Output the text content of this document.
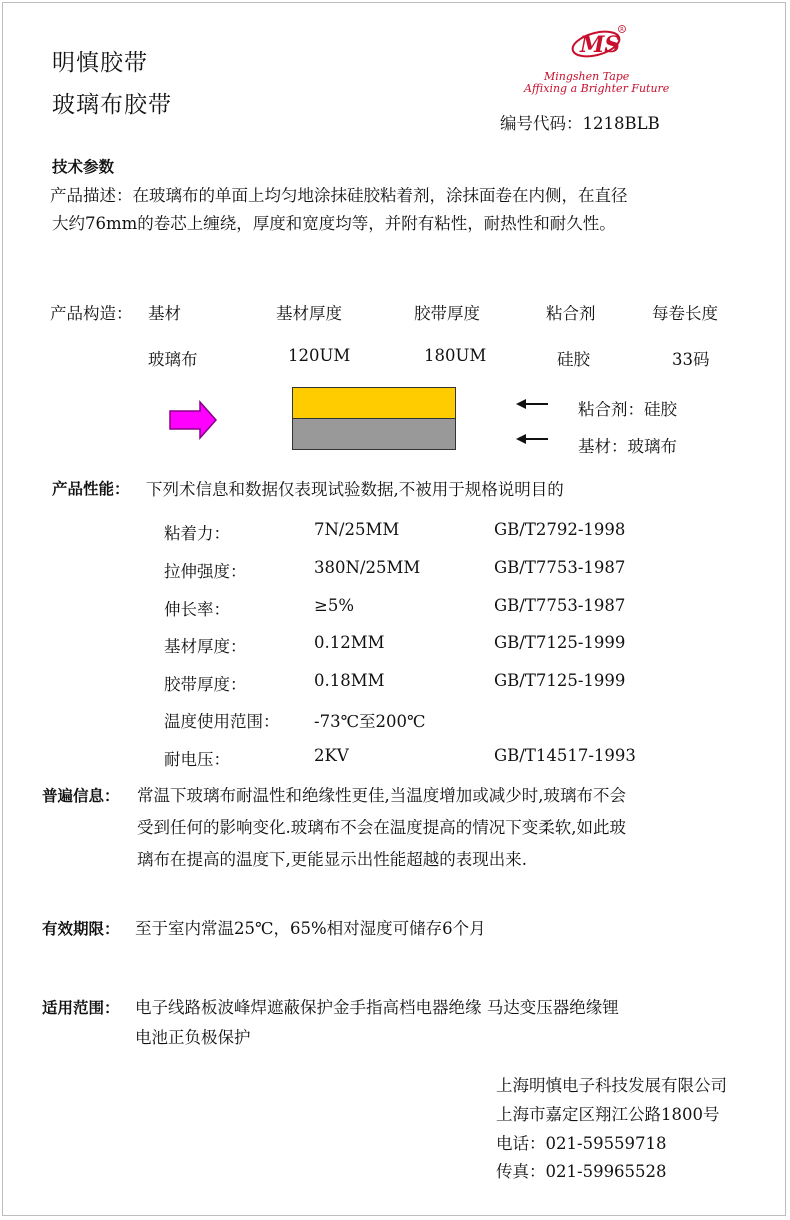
明慎胶带
玻璃布胶带
MS
R
Mingshen Tape
Affixing a Brighter Future
编号代码：1218BLB
技术参数
产品描述：在玻璃布的单面上均匀地涂抹硅胶粘着剂，涂抹面卷在内侧，在直径
大约76mm的卷芯上缠绕，厚度和宽度均等，并附有粘性，耐热性和耐久性。
产品构造： 基材	基材厚度	胶带厚度	粘合剂	每卷长度
玻璃布	120UM	180UM	硅胶	33码
粘合剂：硅胶
基材：玻璃布
产品性能： 下列术信息和数据仅表现试验数据,不被用于规格说明目的
粘着力：	7N/25MM	GB/T2792-1998
拉伸强度：	380N/25MM	GB/T7753-1987
伸长率：	≥5%	GB/T7753-1987
基材厚度：	0.12MM	GB/T7125-1999
胶带厚度：	0.18MM	GB/T7125-1999
温度使用范围： -73℃至200℃
耐电压：	2KV	GB/T14517-1993
普遍信息： 常温下玻璃布耐温性和绝缘性更佳,当温度增加或减少时,玻璃布不会
受到任何的影响变化.玻璃布不会在温度提高的情况下变柔软,如此玻
璃布在提高的温度下,更能显示出性能超越的表现出来.
有效期限： 至于室内常温25℃，65%相对湿度可储存6个月
适用范围： 电子线路板波峰焊遮蔽保护金手指高档电器绝缘 马达变压器绝缘锂
电池正负极保护
上海明慎电子科技发展有限公司
上海市嘉定区翔江公路1800号
电话：021-59559718
传真：021-59965528
